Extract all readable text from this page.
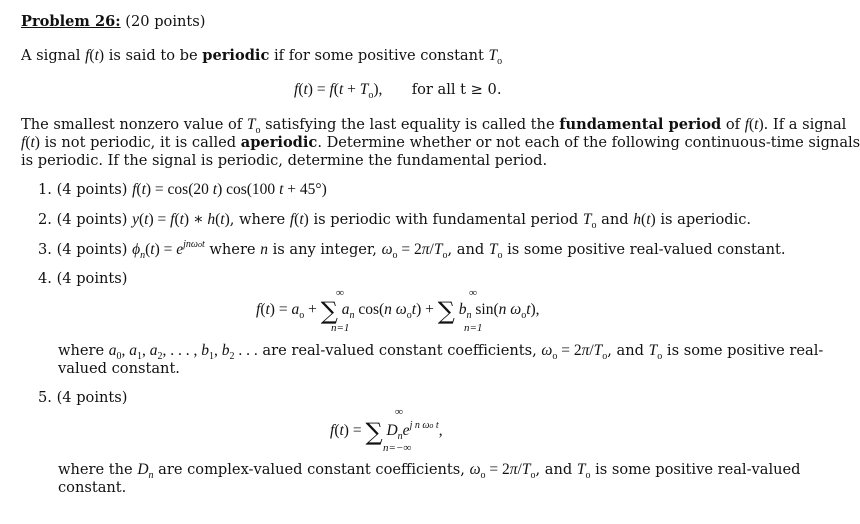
Problem 26: (20 points)
A signal f(t) is said to be periodic if for some positive constant $T_o$
$f(t) = f(t + T_o)$, for all t ≥ 0.
The smallest nonzero value of $T_o$ satisfying the last equality is called the fundamental period of f(t). If a signal
f(t) is not periodic, it is called aperiodic. Determine whether or not each of the following continuous-time signals
is periodic. If the signal is periodic, determine the fundamental period.
1. (4 points) f(t) = cos(20 t) cos(100 t + 45°)
2. (4 points) y(t) = f(t) ∗ h(t), where f(t) is periodic with fundamental period $T_o$ and h(t) is aperiodic.
3. (4 points) $\phi_n(t) = e^{jn\omega ot}$ where n is any integer, $\omega_o = 2\pi/T_o$, and $T_o$ is some positive real-valued constant.
4. (4 points)
$f(t) = a_o$ + ∑ $a_n$ cos(n $\omega_ot$) + ∑ $b_n$ sin(n $\omega_ot$),
∞
n=1
∞
n=1
where $a_0$, $a_1$, $a_2$, . . . , $b_1$, $b_2$ . . . are real-valued constant coefficients, $\omega_o = 2\pi/T_o$, and $T_o$ is some positive real-
valued constant.
5. (4 points)
f(t) = ∑ $D_ne^{j n \omega o t}$,
∞
n=−∞
where the $D_n$ are complex-valued constant coefficients, $\omega_o = 2\pi/T_o$, and $T_o$ is some positive real-valued
constant.
